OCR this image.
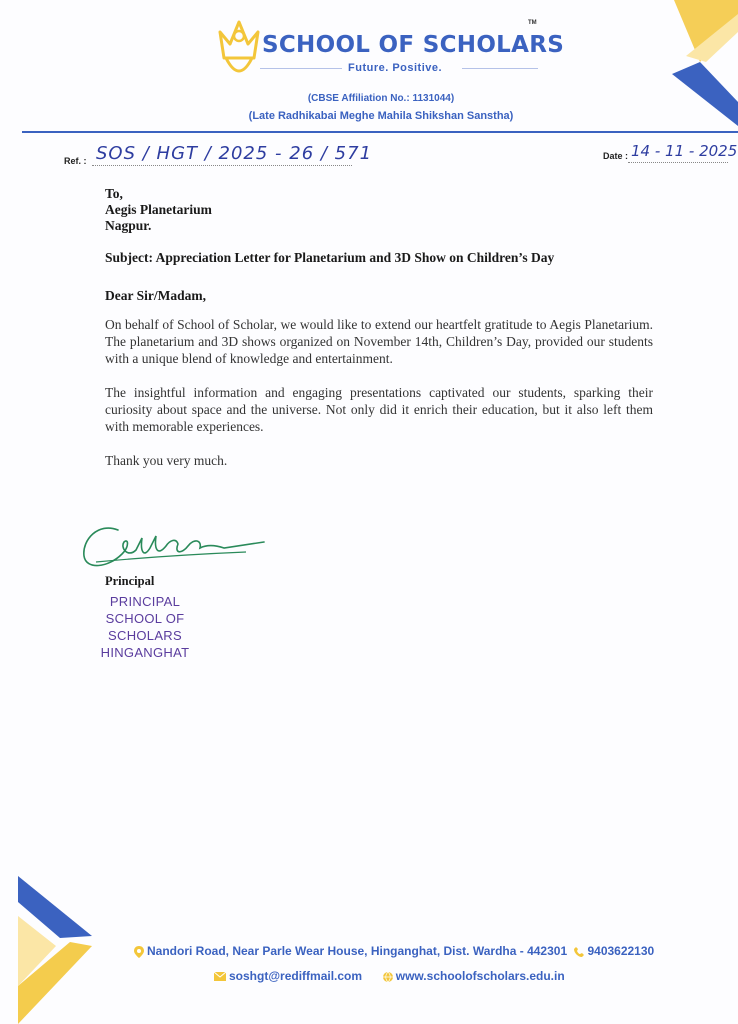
SCHOOL OF SCHOLARS
TM
Future. Positive.
(CBSE Affiliation No.: 1131044)
(Late Radhikabai Meghe Mahila Shikshan Sanstha)
Ref. : SOS / HGT / 2025 - 26 / 571	Date : 14 - 11 - 2025
To,
Aegis Planetarium
Nagpur.
Subject: Appreciation Letter for Planetarium and 3D Show on Children’s Day
Dear Sir/Madam,
On behalf of School of Scholar, we would like to extend our heartfelt gratitude to Aegis Planetarium. The planetarium and 3D shows organized on November 14th, Children’s Day, provided our students with a unique blend of knowledge and entertainment.
The insightful information and engaging presentations captivated our students, sparking their curiosity about space and the universe. Not only did it enrich their education, but it also left them with memorable experiences.
Thank you very much.
Principal
PRINCIPAL
SCHOOL OF SCHOLARS
HINGANGHAT
Nandori Road, Near Parle Wear House, Hinganghat, Dist. Wardha - 442301 9403622130
soshgt@rediffmail.com	www.schoolofscholars.edu.in
